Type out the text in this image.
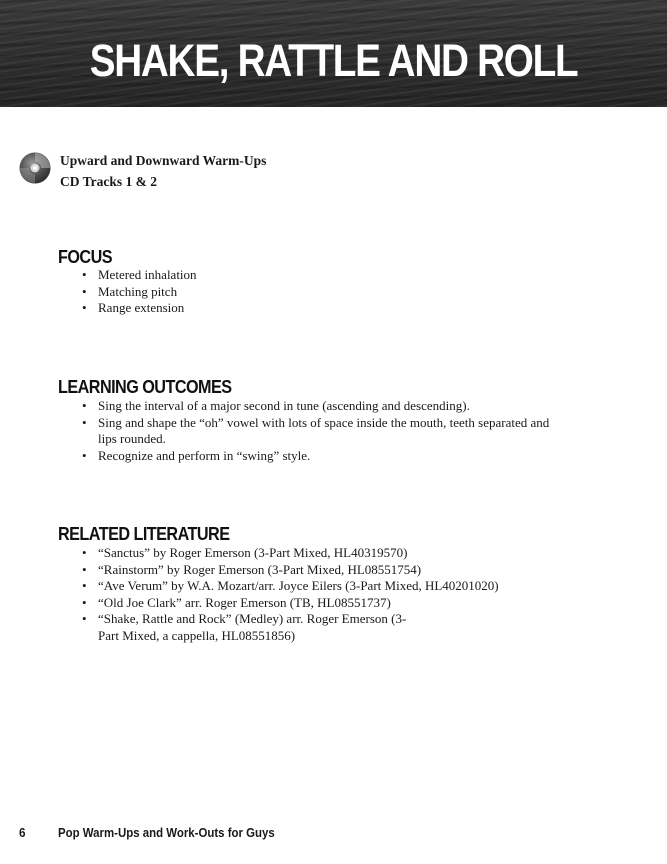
SHAKE, RATTLE AND ROLL
Upward and Downward Warm-Ups
CD Tracks 1 & 2
FOCUS
• Metered inhalation
• Matching pitch
• Range extension
LEARNING OUTCOMES
• Sing the interval of a major second in tune (ascending and descending).
• Sing and shape the “oh” vowel with lots of space inside the mouth, teeth separated and lips rounded.
• Recognize and perform in “swing” style.
RELATED LITERATURE
• “Sanctus” by Roger Emerson (3-Part Mixed, HL40319570)
• “Rainstorm” by Roger Emerson (3-Part Mixed, HL08551754)
• “Ave Verum” by W.A. Mozart/arr. Joyce Eilers (3-Part Mixed, HL40201020)
• “Old Joe Clark” arr. Roger Emerson (TB, HL08551737)
• “Shake, Rattle and Rock” (Medley) arr. Roger Emerson (3-Part Mixed, a cappella, HL08551856)
6 Pop Warm-Ups and Work-Outs for Guys
